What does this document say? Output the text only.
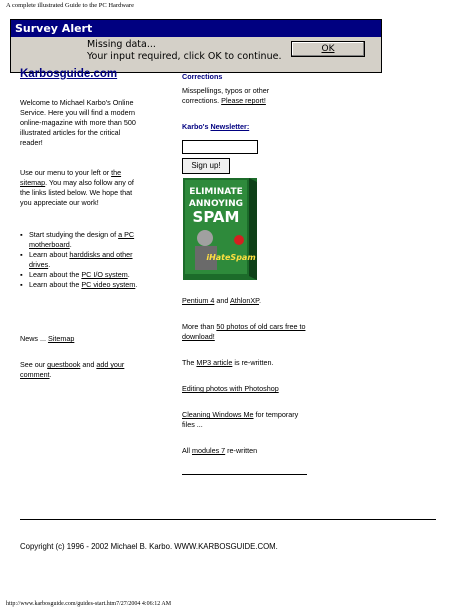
A complete illustrated Guide to the PC Hardware
Survey Alert
Missing data...
Your input required, click OK to continue.
OK
Karbosguide.com
Welcome to Michael Karbo's Online Service. Here you will find a modern online-magazine with more than 500 illustrated articles for the critical reader!
Use our menu to your left or the sitemap. You may also follow any of the links listed below. We hope that you appreciate our work!
▪ Start studying the design of a PC motherboard.
▪ Learn about harddisks and other drives.
▪ Learn about the PC I/O system.
▪ Learn about the PC video system.
News ... Sitemap
See our guestbook and add your comment.
Corrections
Misspellings, typos or other corrections. Please report!
Karbo's Newsletter:
Sign up!
ELIMINATE
ANNOYING
SPAM
iHateSpam
Pentium 4 and AthlonXP.
More than 50 photos of old cars free to download!
The MP3 article is re-written.
Editing photos with Photoshop
Cleaning Windows Me for temporary files ...
All modules 7 re-written
Copyright (c) 1996 - 2002 Michael B. Karbo. WWW.KARBOSGUIDE.COM.
http://www.karbosguide.com/guides-start.htm7/27/2004 4:06:12 AM
